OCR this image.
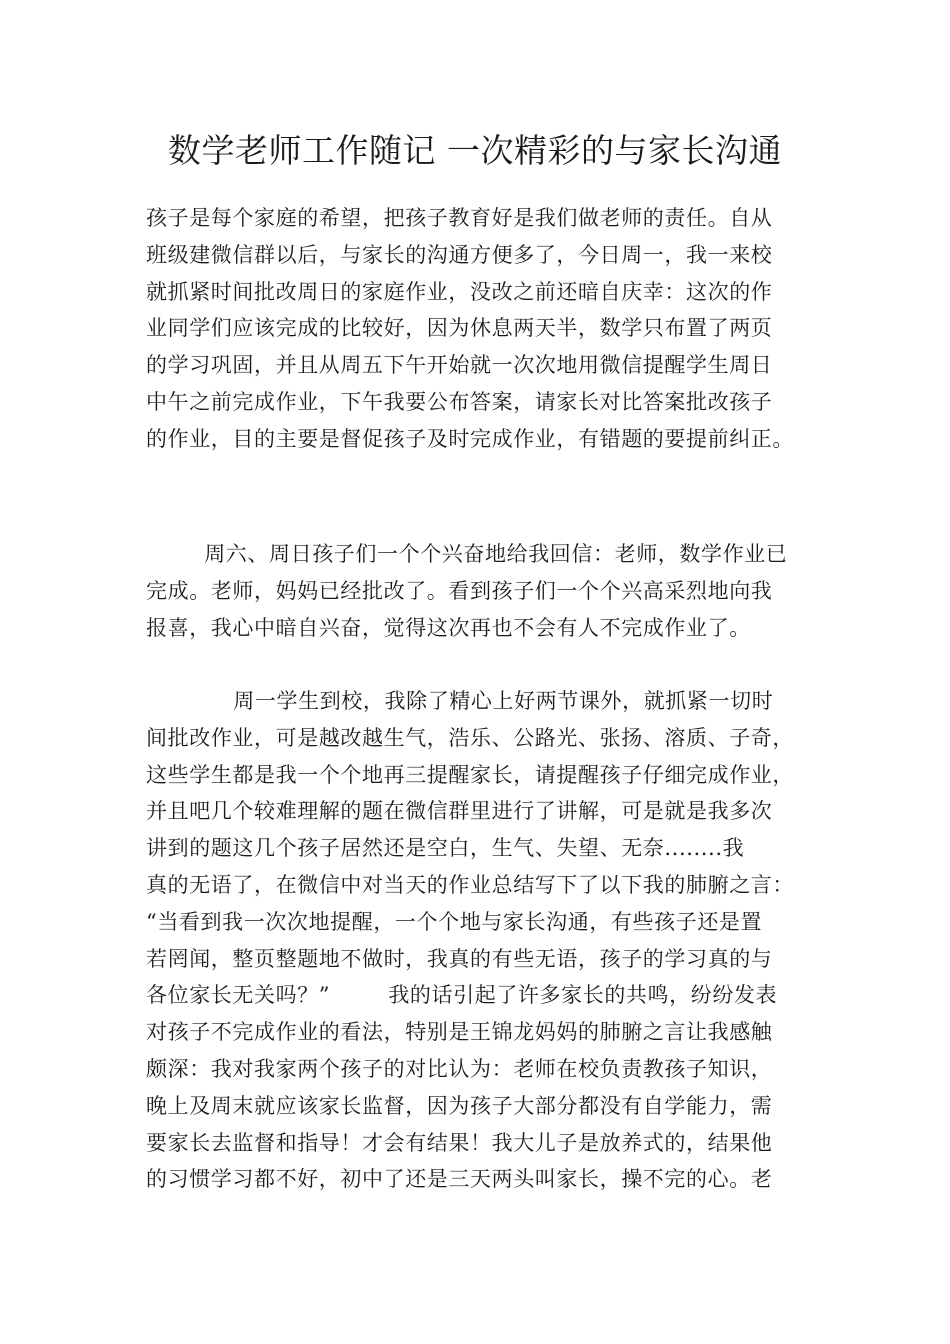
数学老师工作随记 一次精彩的与家长沟通
孩子是每个家庭的希望，把孩子教育好是我们做老师的责任。自从
班级建微信群以后，与家长的沟通方便多了，今日周一，我一来校
就抓紧时间批改周日的家庭作业，没改之前还暗自庆幸：这次的作
业同学们应该完成的比较好，因为休息两天半，数学只布置了两页
的学习巩固，并且从周五下午开始就一次次地用微信提醒学生周日
中午之前完成作业，下午我要公布答案，请家长对比答案批改孩子
的作业，目的主要是督促孩子及时完成作业，有错题的要提前纠正。
周六、周日孩子们一个个兴奋地给我回信：老师，数学作业已
完成。老师，妈妈已经批改了。看到孩子们一个个兴高采烈地向我
报喜，我心中暗自兴奋，觉得这次再也不会有人不完成作业了。
周一学生到校，我除了精心上好两节课外，就抓紧一切时
间批改作业，可是越改越生气，浩乐、公路光、张扬、溶质、子奇，
这些学生都是我一个个地再三提醒家长，请提醒孩子仔细完成作业，
并且吧几个较难理解的题在微信群里进行了讲解，可是就是我多次
讲到的题这几个孩子居然还是空白，生气、失望、无奈........我
真的无语了，在微信中对当天的作业总结写下了以下我的肺腑之言：
“当看到我一次次地提醒，一个个地与家长沟通，有些孩子还是置
若罔闻，整页整题地不做时，我真的有些无语，孩子的学习真的与
各位家长无关吗？”        我的话引起了许多家长的共鸣，纷纷发表
对孩子不完成作业的看法，特别是王锦龙妈妈的肺腑之言让我感触
颇深：我对我家两个孩子的对比认为：老师在校负责教孩子知识，
晚上及周末就应该家长监督，因为孩子大部分都没有自学能力，需
要家长去监督和指导！才会有结果！我大儿子是放养式的，结果他
的习惯学习都不好，初中了还是三天两头叫家长，操不完的心。老
